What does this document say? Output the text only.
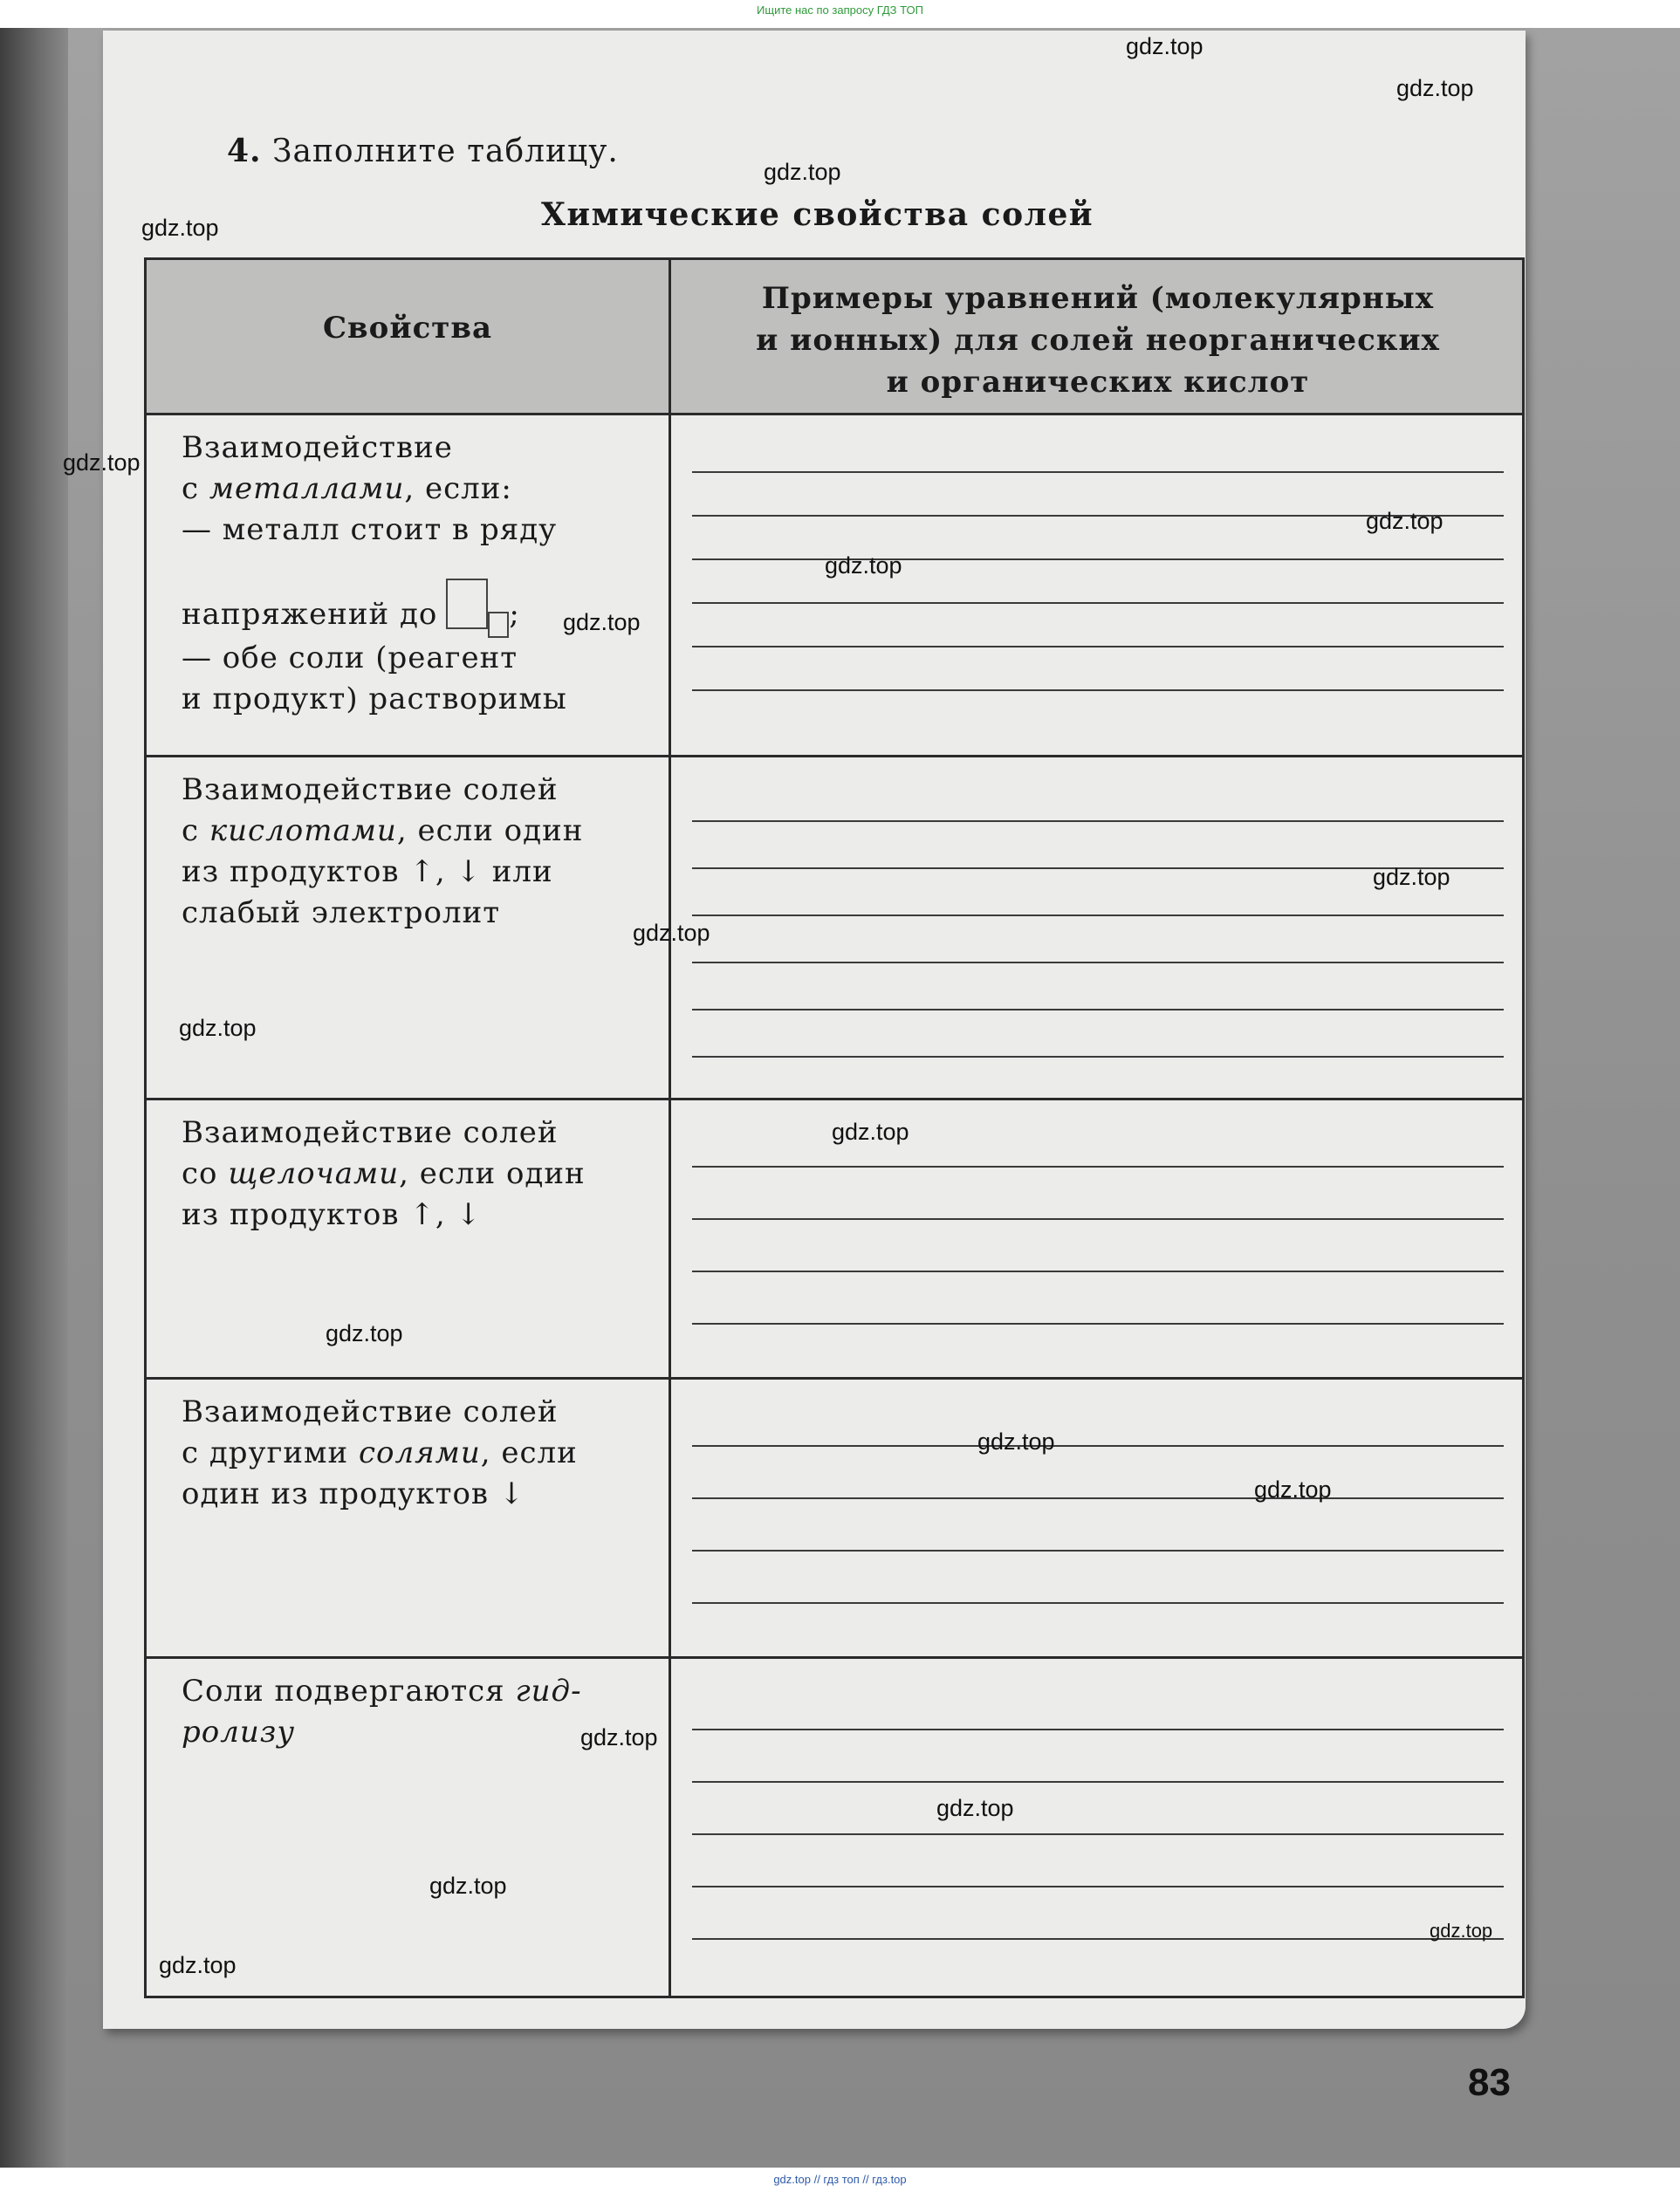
Ищите нас по запросу ГДЗ ТОП
4. Заполните таблицу.
Химические свойства солей
Свойства
Примеры уравнений (молекулярных
и ионных) для солей неорганических
и органических кислот
Взаимодействие
с металлами, если:
— металл стоит в ряду
напряжений до ;
— обе соли (реагент
и продукт) растворимы
Взаимодействие солей
с кислотами, если один
из продуктов ↑, ↓ или
слабый электролит
Взаимодействие солей
со щелочами, если один
из продуктов ↑, ↓
Взаимодействие солей
с другими солями, если
один из продуктов ↓
Соли подвергаются гид-
ролизу
gdz.top
gdz.top
gdz.top
gdz.top
gdz.top
gdz.top
gdz.top
gdz.top
gdz.top
gdz.top
gdz.top
gdz.top
gdz.top
gdz.top
gdz.top
gdz.top
gdz.top
gdz.top
gdz.top
gdz.top
83
gdz.top // гдз топ // гдз.top
